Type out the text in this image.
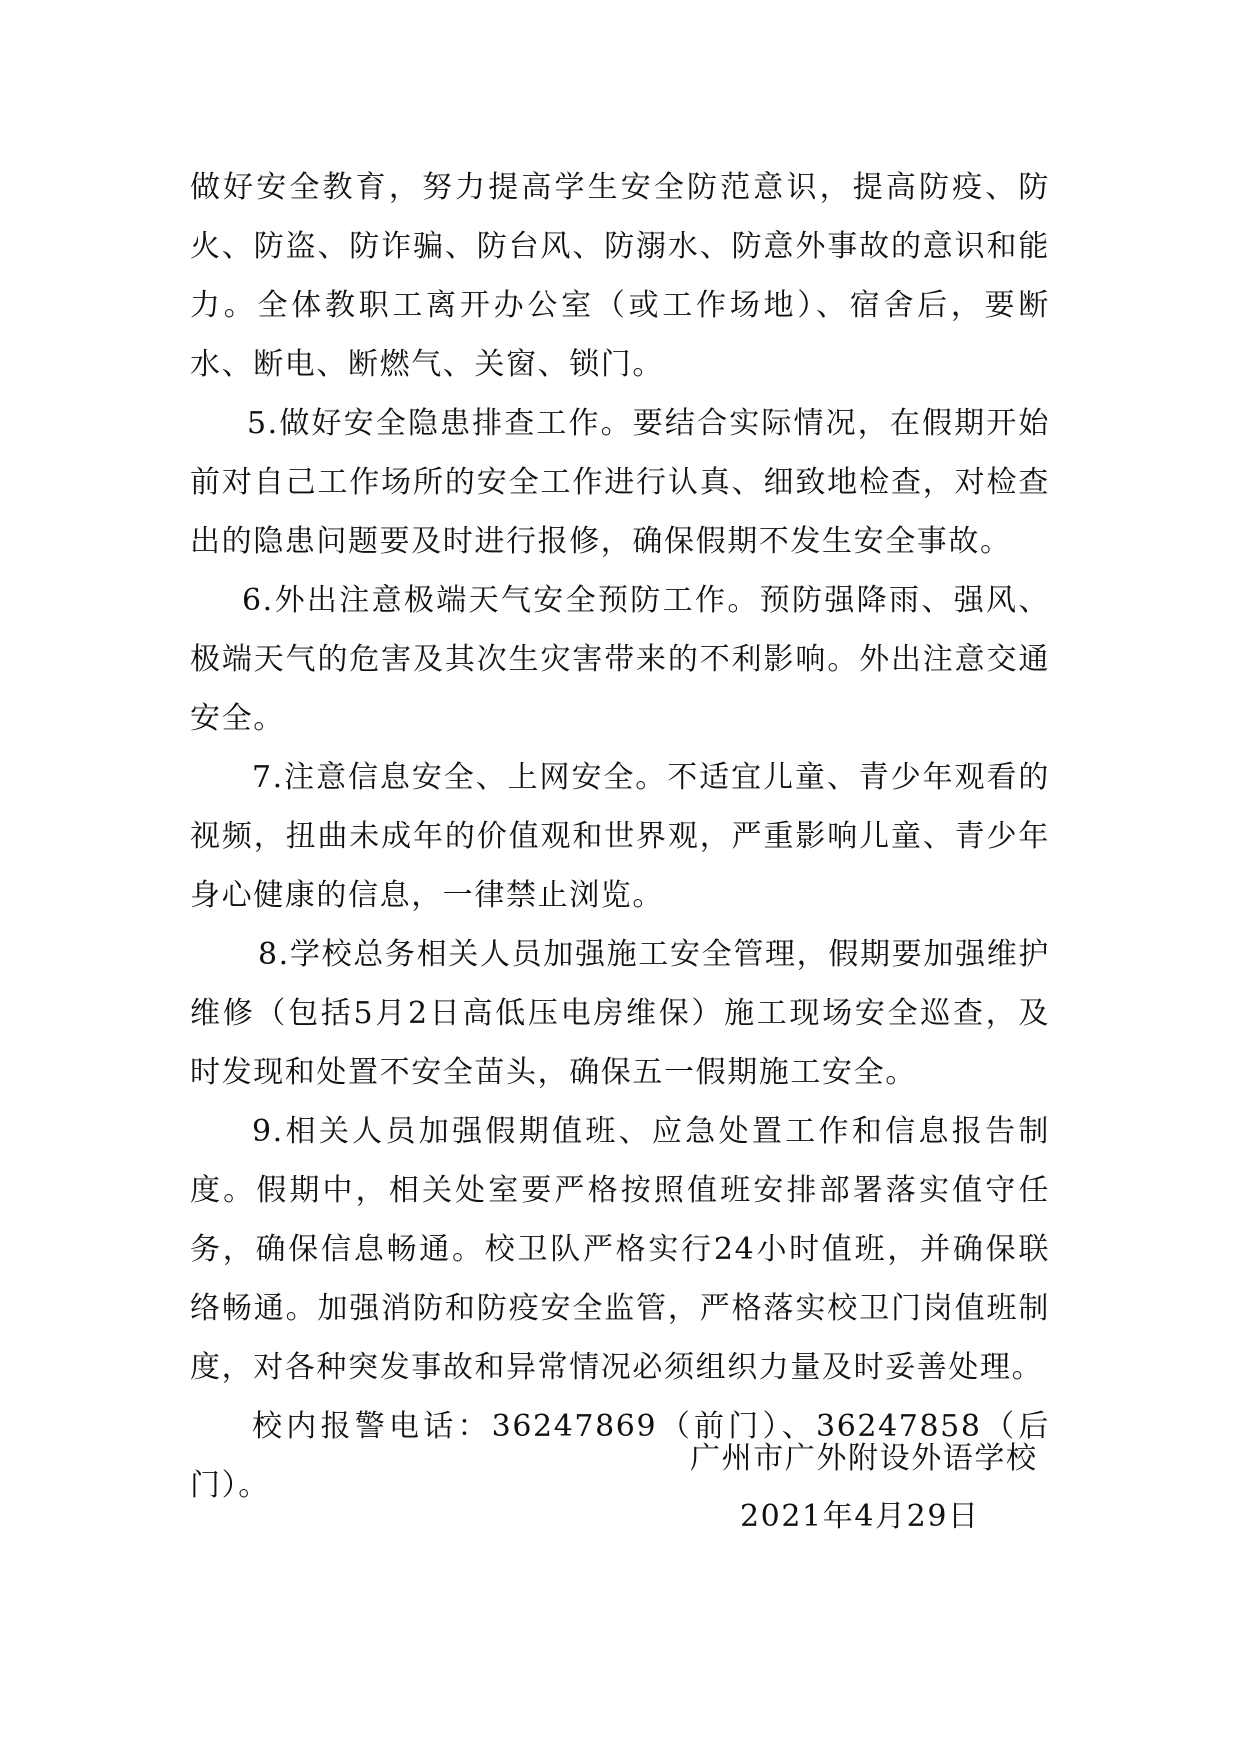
做好安全教育，努力提高学生安全防范意识，提高防疫、防火、防盗、防诈骗、防台风、防溺水、防意外事故的意识和能力。全体教职工离开办公室（或工作场地）、宿舍后，要断水、断电、断燃气、关窗、锁门。

5.做好安全隐患排查工作。要结合实际情况，在假期开始前对自己工作场所的安全工作进行认真、细致地检查，对检查出的隐患问题要及时进行报修，确保假期不发生安全事故。

6.外出注意极端天气安全预防工作。预防强降雨、强风、极端天气的危害及其次生灾害带来的不利影响。外出注意交通安全。

7.注意信息安全、上网安全。不适宜儿童、青少年观看的视频，扭曲未成年的价值观和世界观，严重影响儿童、青少年身心健康的信息，一律禁止浏览。

8.学校总务相关人员加强施工安全管理，假期要加强维护维修（包括5月2日高低压电房维保）施工现场安全巡查，及时发现和处置不安全苗头，确保五一假期施工安全。

9.相关人员加强假期值班、应急处置工作和信息报告制度。假期中，相关处室要严格按照值班安排部署落实值守任务，确保信息畅通。校卫队严格实行24小时值班，并确保联络畅通。加强消防和防疫安全监管，严格落实校卫门岗值班制度，对各种突发事故和异常情况必须组织力量及时妥善处理。

校内报警电话：36247869（前门）、36247858（后门）。

广州市广外附设外语学校
2021年4月29日
